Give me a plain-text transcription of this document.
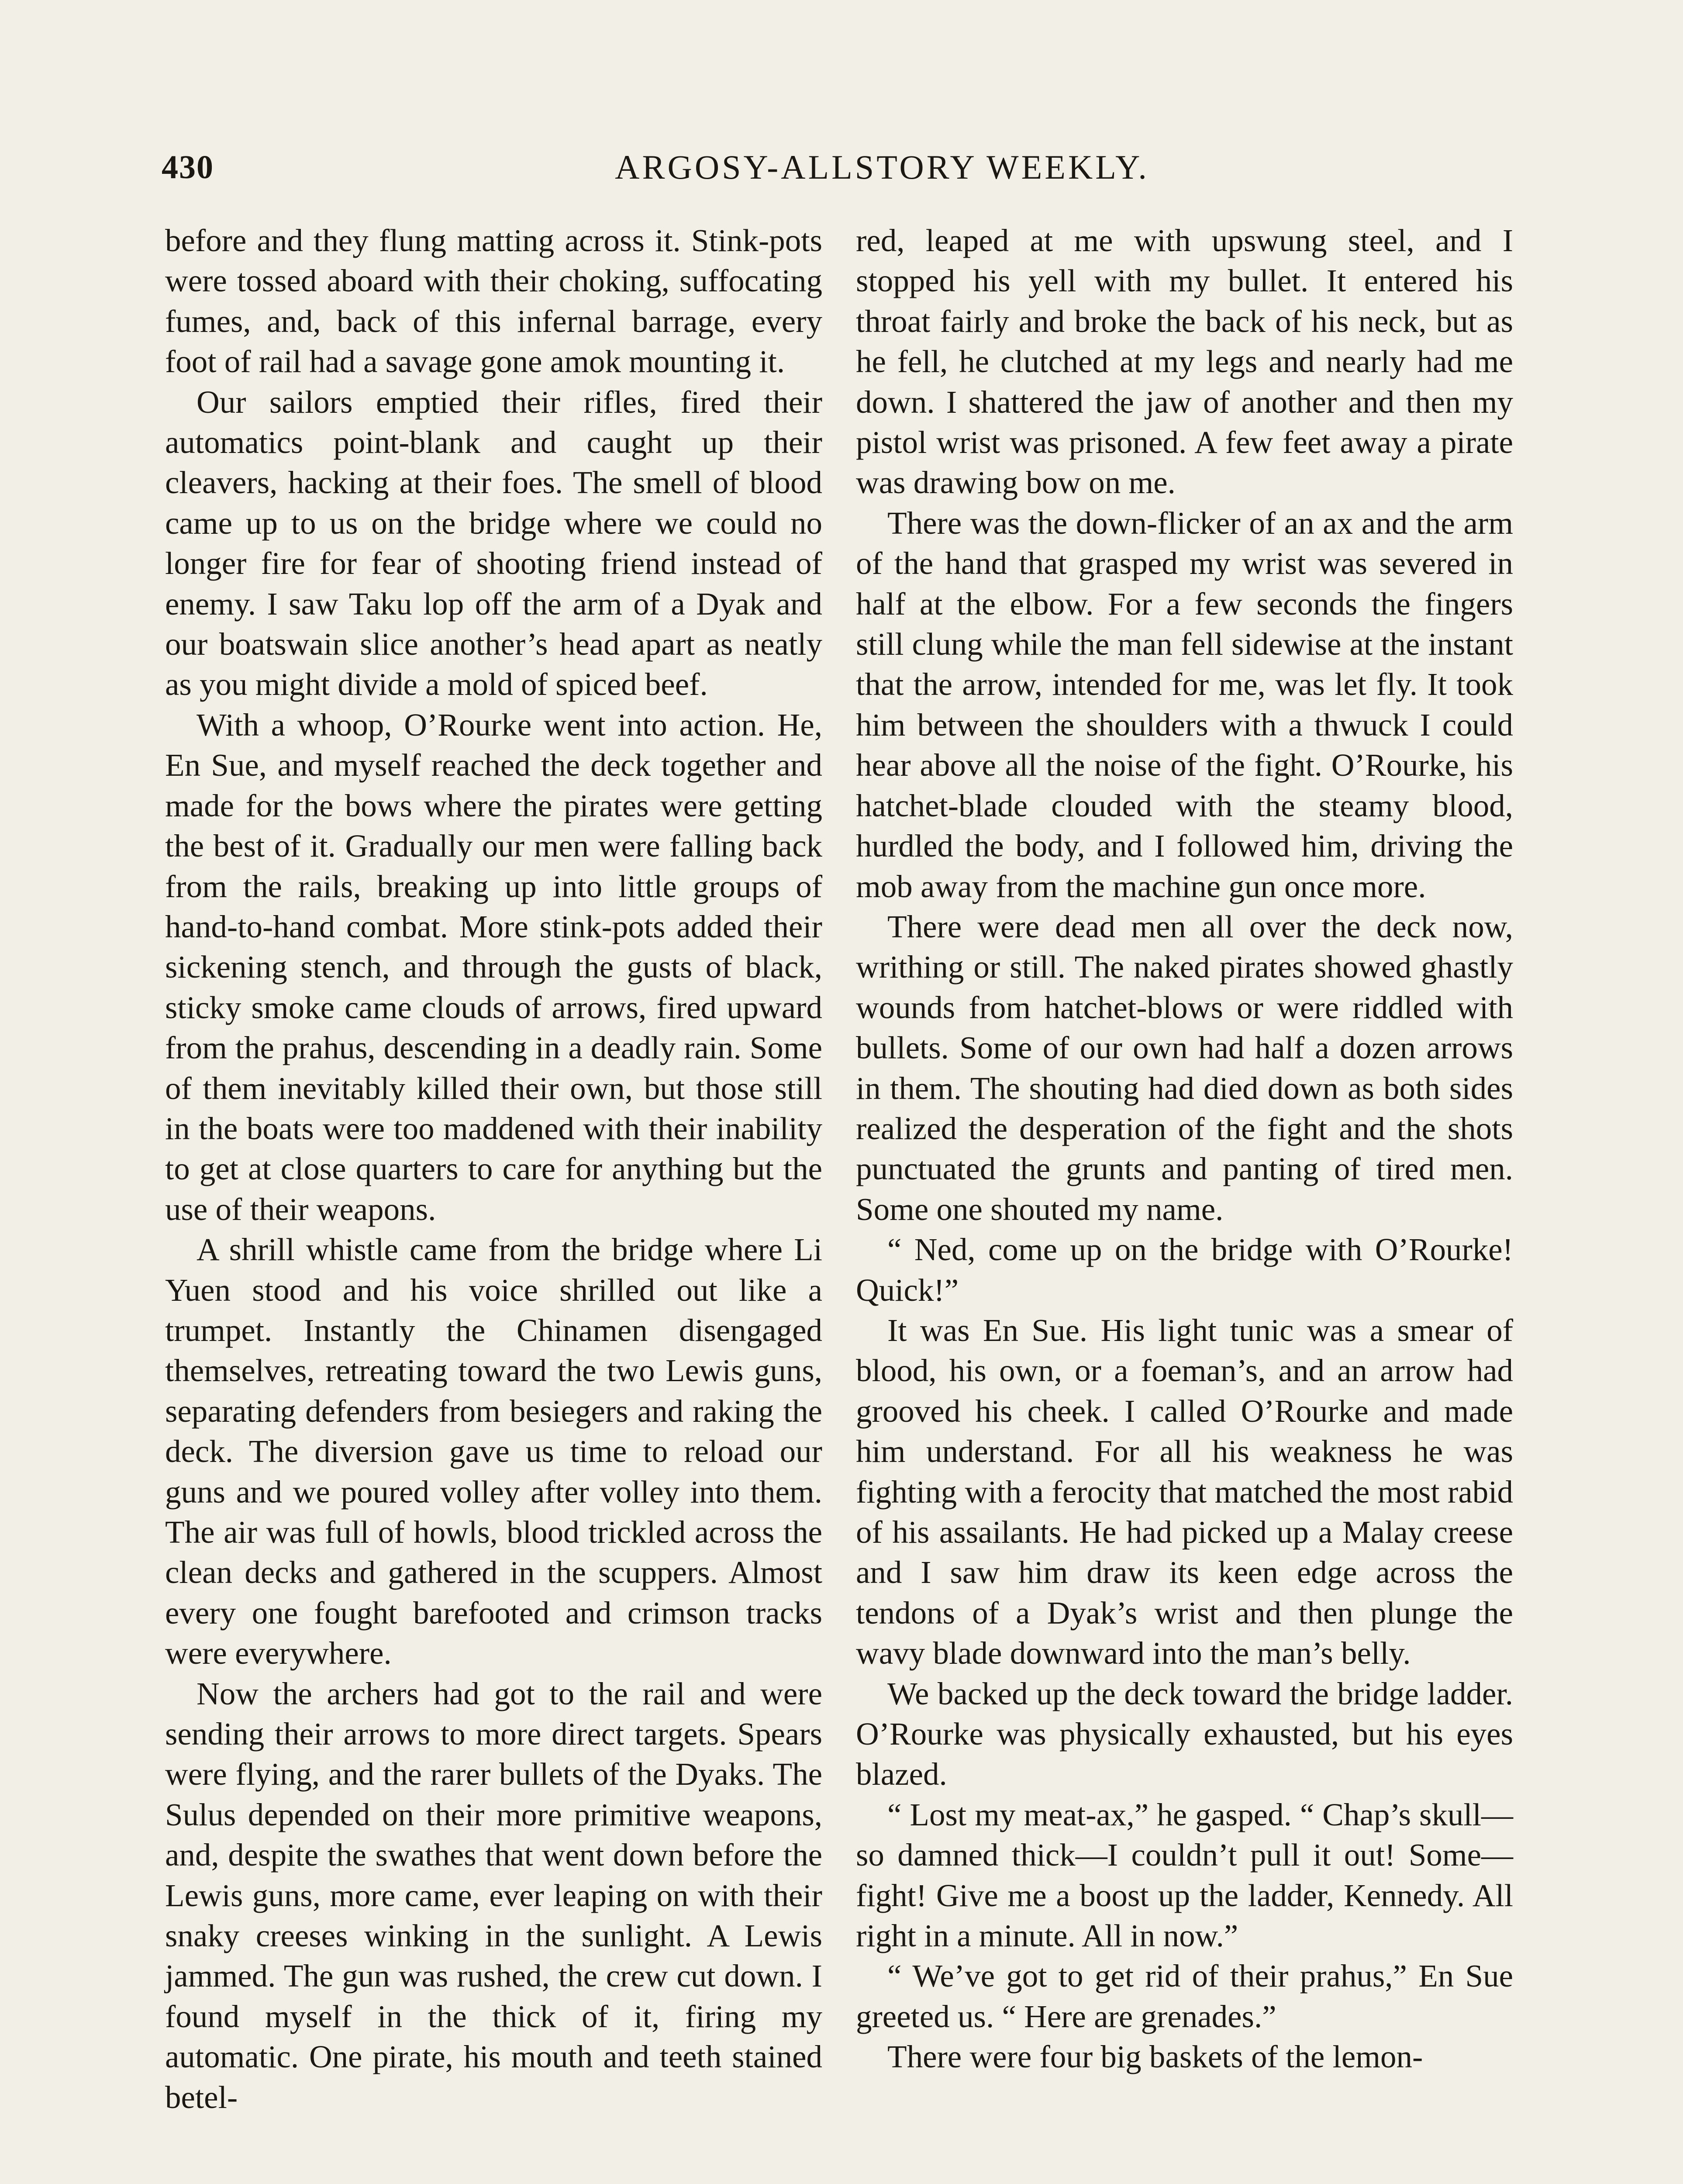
430	ARGOSY-ALLSTORY WEEKLY.

before and they flung matting across it. Stink-pots were tossed aboard with their choking, suffocating fumes, and, back of this infernal barrage, every foot of rail had a savage gone amok mounting it.

Our sailors emptied their rifles, fired their automatics point-blank and caught up their cleavers, hacking at their foes. The smell of blood came up to us on the bridge where we could no longer fire for fear of shooting friend instead of enemy. I saw Taku lop off the arm of a Dyak and our boatswain slice another’s head apart as neatly as you might divide a mold of spiced beef.

With a whoop, O’Rourke went into action. He, En Sue, and myself reached the deck together and made for the bows where the pirates were getting the best of it. Gradually our men were falling back from the rails, breaking up into little groups of hand-to-hand combat. More stink-pots added their sickening stench, and through the gusts of black, sticky smoke came clouds of arrows, fired upward from the prahus, descending in a deadly rain. Some of them inevitably killed their own, but those still in the boats were too maddened with their inability to get at close quarters to care for anything but the use of their weapons.

A shrill whistle came from the bridge where Li Yuen stood and his voice shrilled out like a trumpet. Instantly the Chinamen disengaged themselves, retreating toward the two Lewis guns, separating defenders from besiegers and raking the deck. The diversion gave us time to reload our guns and we poured volley after volley into them. The air was full of howls, blood trickled across the clean decks and gathered in the scuppers. Almost every one fought barefooted and crimson tracks were everywhere.

Now the archers had got to the rail and were sending their arrows to more direct targets. Spears were flying, and the rarer bullets of the Dyaks. The Sulus depended on their more primitive weapons, and, despite the swathes that went down before the Lewis guns, more came, ever leaping on with their snaky creeses winking in the sunlight. A Lewis jammed. The gun was rushed, the crew cut down. I found myself in the thick of it, firing my automatic. One pirate, his mouth and teeth stained betel-

red, leaped at me with upswung steel, and I stopped his yell with my bullet. It entered his throat fairly and broke the back of his neck, but as he fell, he clutched at my legs and nearly had me down. I shattered the jaw of another and then my pistol wrist was prisoned. A few feet away a pirate was drawing bow on me.

There was the down-flicker of an ax and the arm of the hand that grasped my wrist was severed in half at the elbow. For a few seconds the fingers still clung while the man fell sidewise at the instant that the arrow, intended for me, was let fly. It took him between the shoulders with a thwuck I could hear above all the noise of the fight. O’Rourke, his hatchet-blade clouded with the steamy blood, hurdled the body, and I followed him, driving the mob away from the machine gun once more.

There were dead men all over the deck now, writhing or still. The naked pirates showed ghastly wounds from hatchet-blows or were riddled with bullets. Some of our own had half a dozen arrows in them. The shouting had died down as both sides realized the desperation of the fight and the shots punctuated the grunts and panting of tired men. Some one shouted my name.

“ Ned, come up on the bridge with O’Rourke! Quick!”

It was En Sue. His light tunic was a smear of blood, his own, or a foeman’s, and an arrow had grooved his cheek. I called O’Rourke and made him understand. For all his weakness he was fighting with a ferocity that matched the most rabid of his assailants. He had picked up a Malay creese and I saw him draw its keen edge across the tendons of a Dyak’s wrist and then plunge the wavy blade downward into the man’s belly.

We backed up the deck toward the bridge ladder. O’Rourke was physically exhausted, but his eyes blazed.

“ Lost my meat-ax,” he gasped. “ Chap’s skull—so damned thick—I couldn’t pull it out! Some—fight! Give me a boost up the ladder, Kennedy. All right in a minute. All in now.”

“ We’ve got to get rid of their prahus,” En Sue greeted us. “ Here are grenades.”

There were four big baskets of the lemon-
